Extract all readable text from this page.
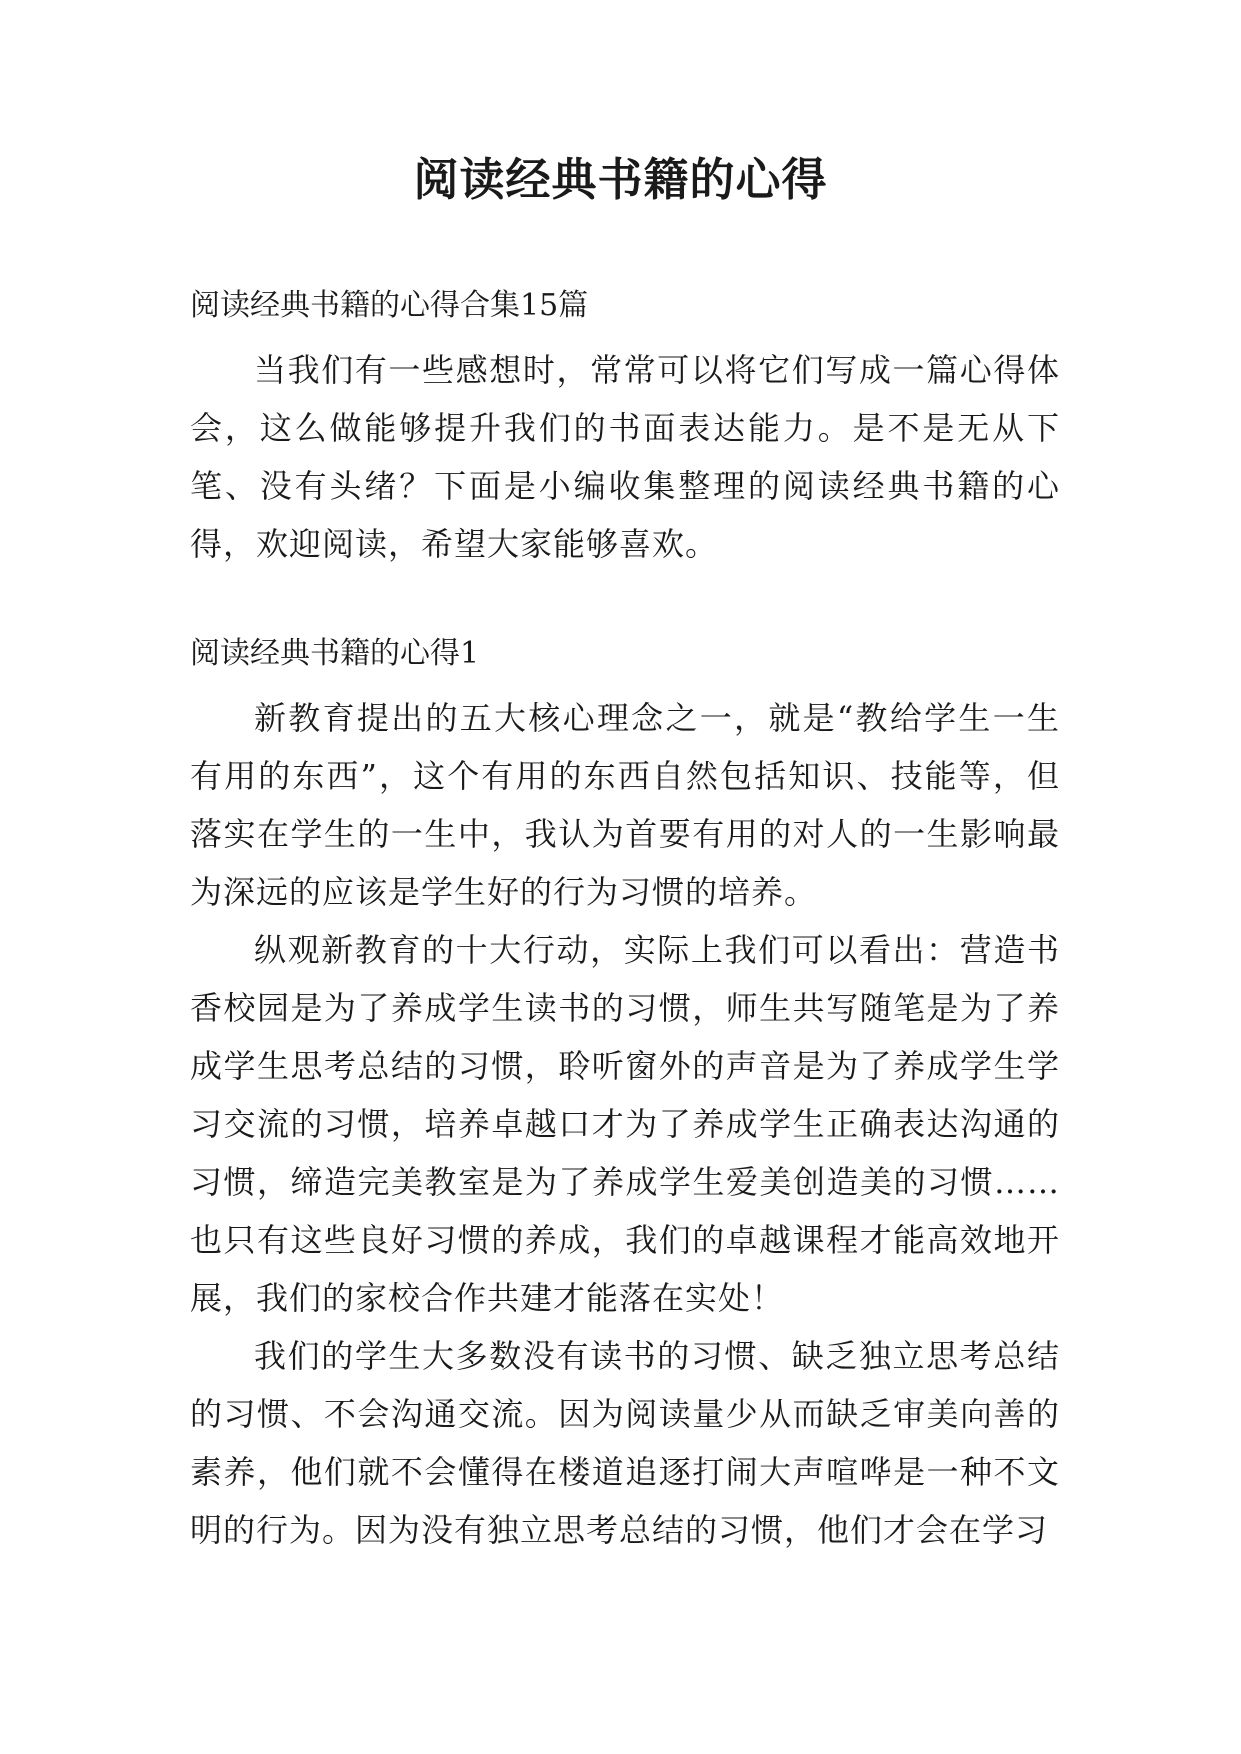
阅读经典书籍的心得
阅读经典书籍的心得合集15篇

当我们有一些感想时，常常可以将它们写成一篇心得体会，这么做能够提升我们的书面表达能力。是不是无从下笔、没有头绪？下面是小编收集整理的阅读经典书籍的心得，欢迎阅读，希望大家能够喜欢。

阅读经典书籍的心得1

新教育提出的五大核心理念之一，就是“教给学生一生有用的东西”，这个有用的东西自然包括知识、技能等，但落实在学生的一生中，我认为首要有用的对人的一生影响最为深远的应该是学生好的行为习惯的培养。

纵观新教育的十大行动，实际上我们可以看出：营造书香校园是为了养成学生读书的习惯，师生共写随笔是为了养成学生思考总结的习惯，聆听窗外的声音是为了养成学生学习交流的习惯，培养卓越口才为了养成学生正确表达沟通的习惯，缔造完美教室是为了养成学生爱美创造美的习惯……也只有这些良好习惯的养成，我们的卓越课程才能高效地开展，我们的家校合作共建才能落在实处！

我们的学生大多数没有读书的习惯、缺乏独立思考总结的习惯、不会沟通交流。因为阅读量少从而缺乏审美向善的素养，他们就不会懂得在楼道追逐打闹大声喧哗是一种不文明的行为。因为没有独立思考总结的习惯，他们才会在学习
